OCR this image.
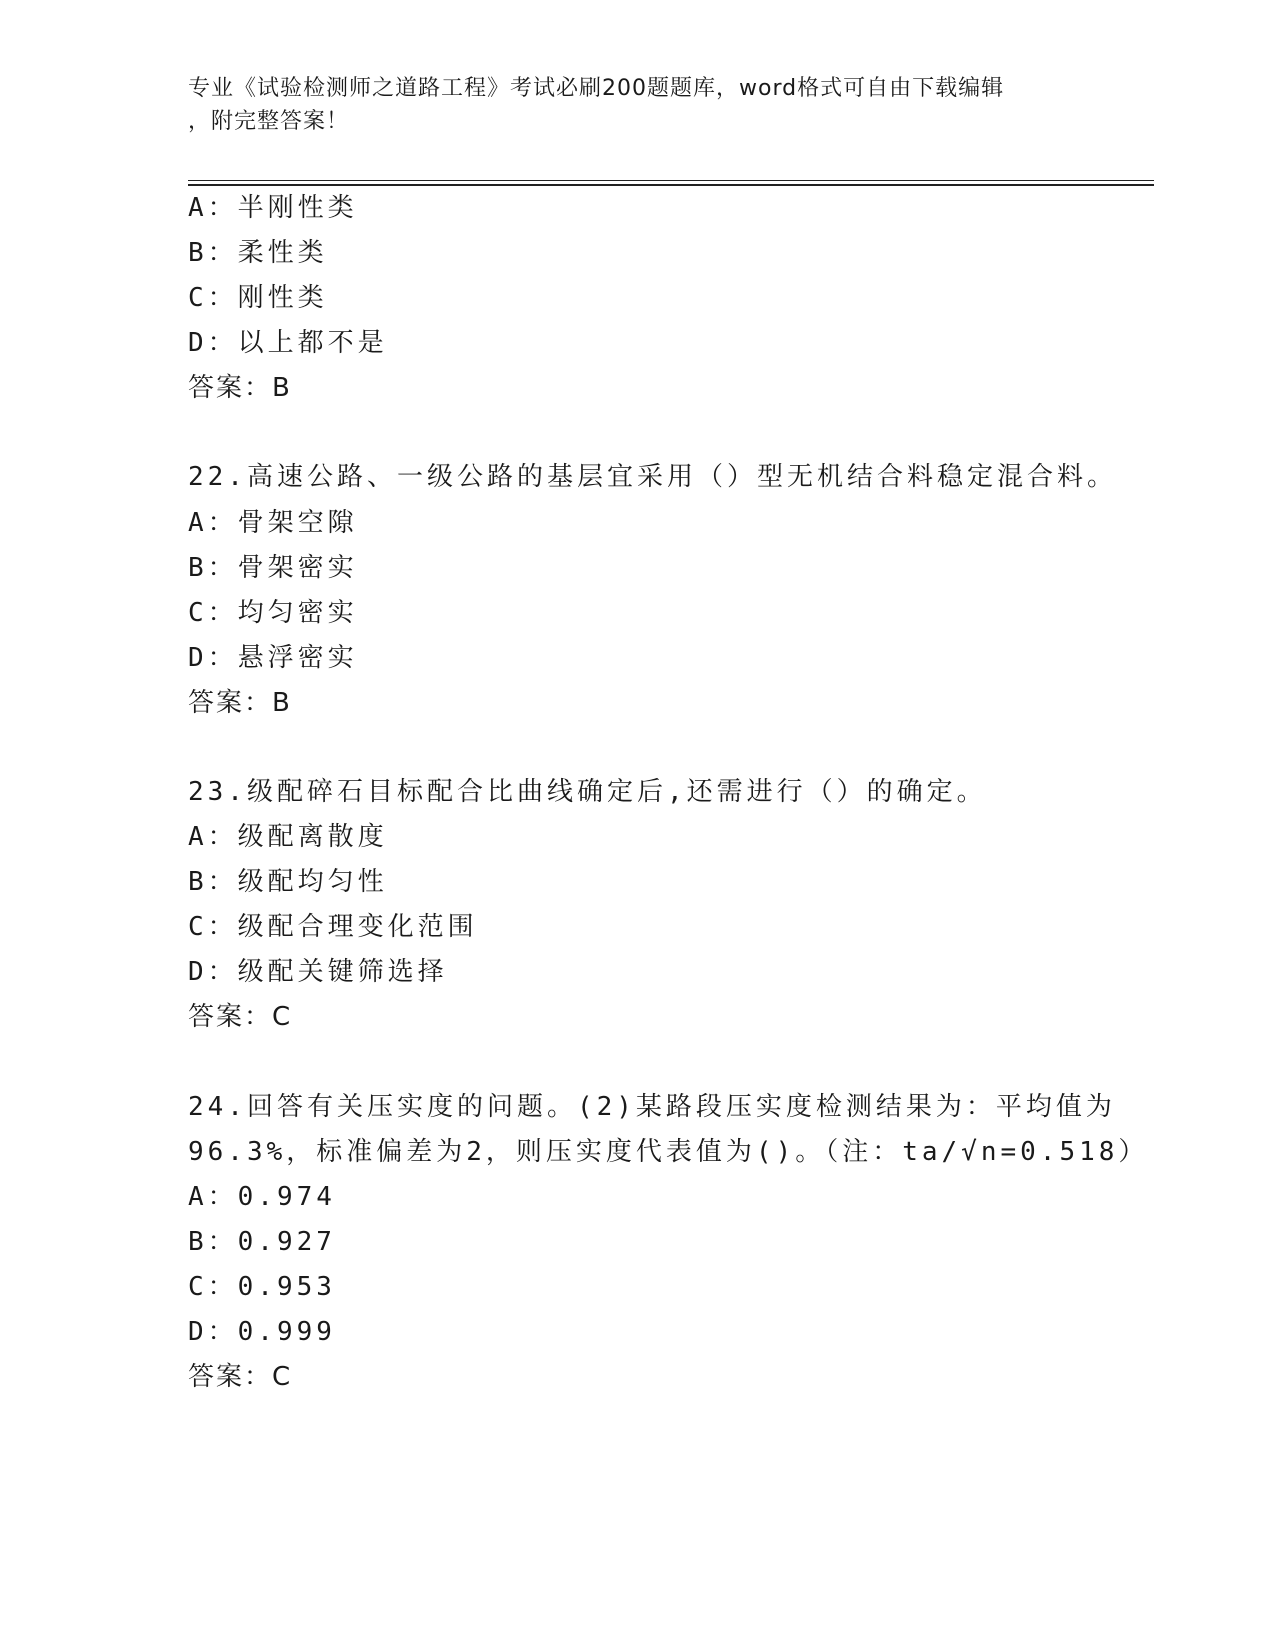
专业《试验检测师之道路工程》考试必刷200题题库，word格式可自由下载编辑
，附完整答案！
A：半刚性类
B：柔性类
C：刚性类
D：以上都不是
答案：B
22.高速公路、一级公路的基层宜采用（）型无机结合料稳定混合料。
A：骨架空隙
B：骨架密实
C：均匀密实
D：悬浮密实
答案：B
23.级配碎石目标配合比曲线确定后,还需进行（）的确定。
A：级配离散度
B：级配均匀性
C：级配合理变化范围
D：级配关键筛选择
答案：C
24.回答有关压实度的问题。(2)某路段压实度检测结果为：平均值为
96.3%，标准偏差为2，则压实度代表值为()。（注：ta/√n=0.518）
A：0.974
B：0.927
C：0.953
D：0.999
答案：C
